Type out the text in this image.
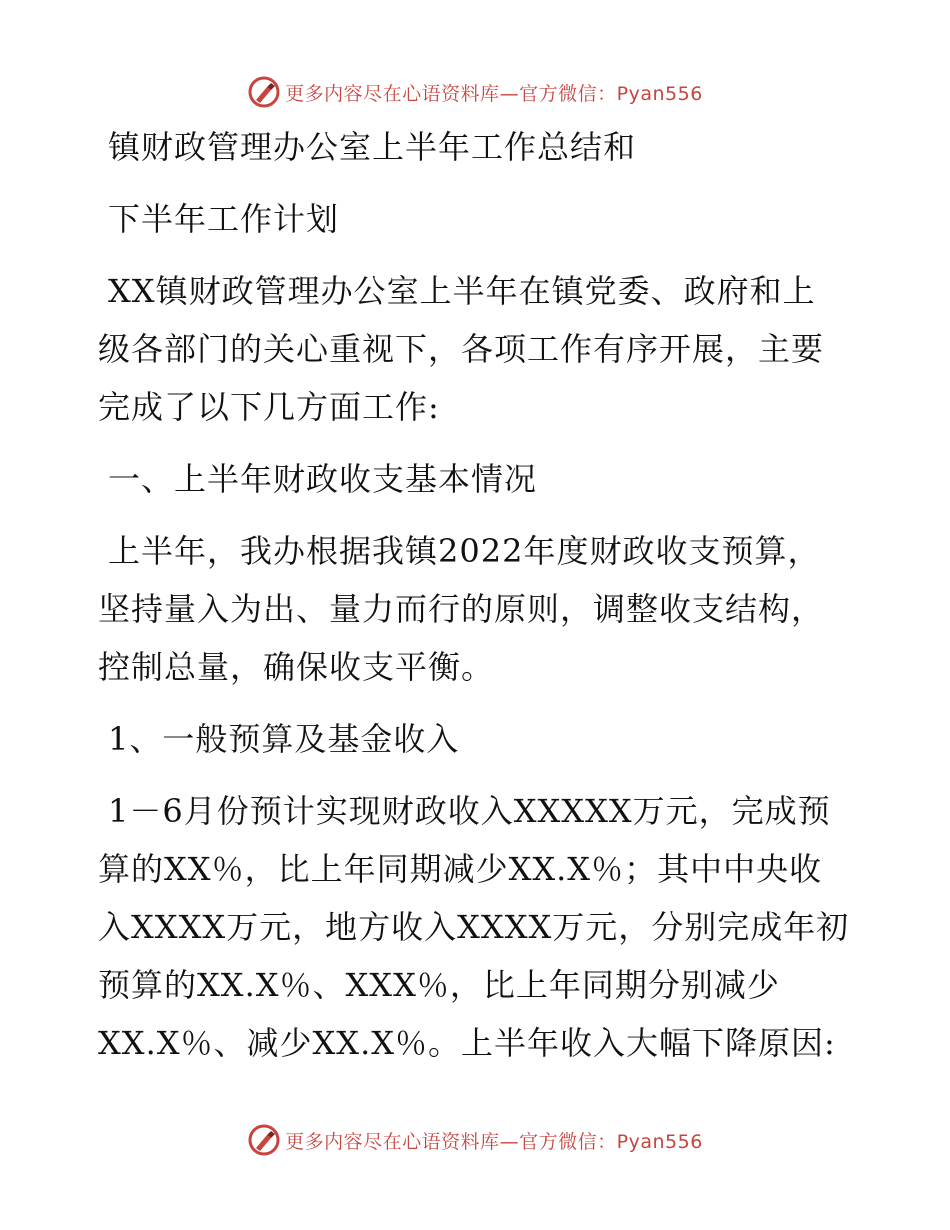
更多内容尽在心语资料库—官方微信：Pyan556
镇财政管理办公室上半年工作总结和
下半年工作计划
XX镇财政管理办公室上半年在镇党委、政府和上
级各部门的关心重视下，各项工作有序开展，主要
完成了以下几方面工作:
一、上半年财政收支基本情况
上半年，我办根据我镇2022年度财政收支预算，
坚持量入为出、量力而行的原则，调整收支结构，
控制总量，确保收支平衡。
1、一般预算及基金收入
1－6月份预计实现财政收入XXXXX万元，完成预
算的XX％，比上年同期减少XX.X％；其中中央收
入XXXX万元，地方收入XXXX万元，分别完成年初
预算的XX.X％、XXX％，比上年同期分别减少
XX.X％、减少XX.X％。上半年收入大幅下降原因:
更多内容尽在心语资料库—官方微信：Pyan556
